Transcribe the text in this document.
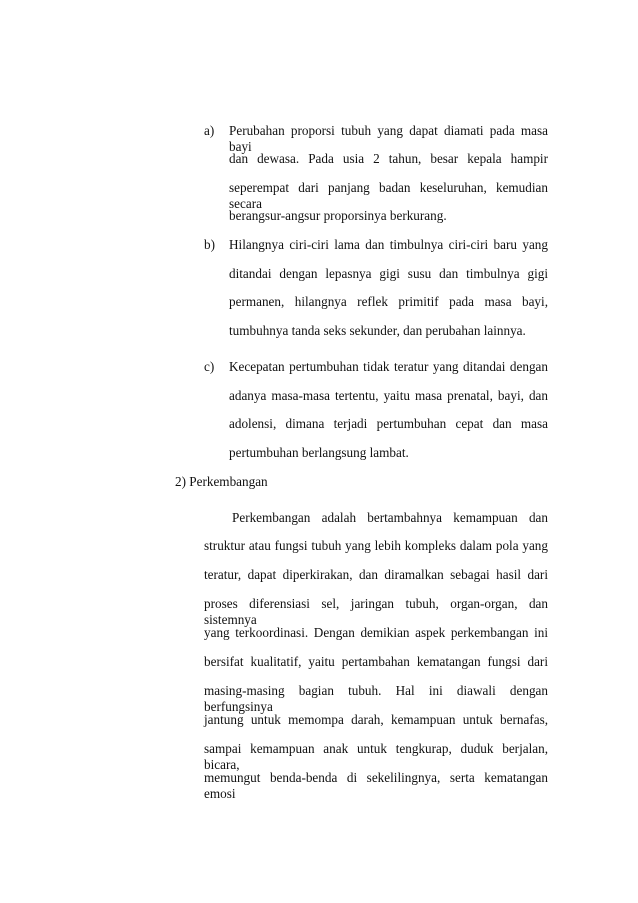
a) Perubahan proporsi tubuh yang dapat diamati pada masa bayi
dan dewasa. Pada usia 2 tahun, besar kepala hampir
seperempat dari panjang badan keseluruhan, kemudian secara
berangsur-angsur proporsinya berkurang.
b) Hilangnya ciri-ciri lama dan timbulnya ciri-ciri baru yang
ditandai dengan lepasnya gigi susu dan timbulnya gigi
permanen, hilangnya reflek primitif pada masa bayi,
tumbuhnya tanda seks sekunder, dan perubahan lainnya.
c) Kecepatan pertumbuhan tidak teratur yang ditandai dengan
adanya masa-masa tertentu, yaitu masa prenatal, bayi, dan
adolensi, dimana terjadi pertumbuhan cepat dan masa
pertumbuhan berlangsung lambat.
2) Perkembangan
Perkembangan adalah bertambahnya kemampuan dan
struktur atau fungsi tubuh yang lebih kompleks dalam pola yang
teratur, dapat diperkirakan, dan diramalkan sebagai hasil dari
proses diferensiasi sel, jaringan tubuh, organ-organ, dan sistemnya
yang terkoordinasi. Dengan demikian aspek perkembangan ini
bersifat kualitatif, yaitu pertambahan kematangan fungsi dari
masing-masing bagian tubuh. Hal ini diawali dengan berfungsinya
jantung untuk memompa darah, kemampuan untuk bernafas,
sampai kemampuan anak untuk tengkurap, duduk berjalan, bicara,
memungut benda-benda di sekelilingnya, serta kematangan emosi
